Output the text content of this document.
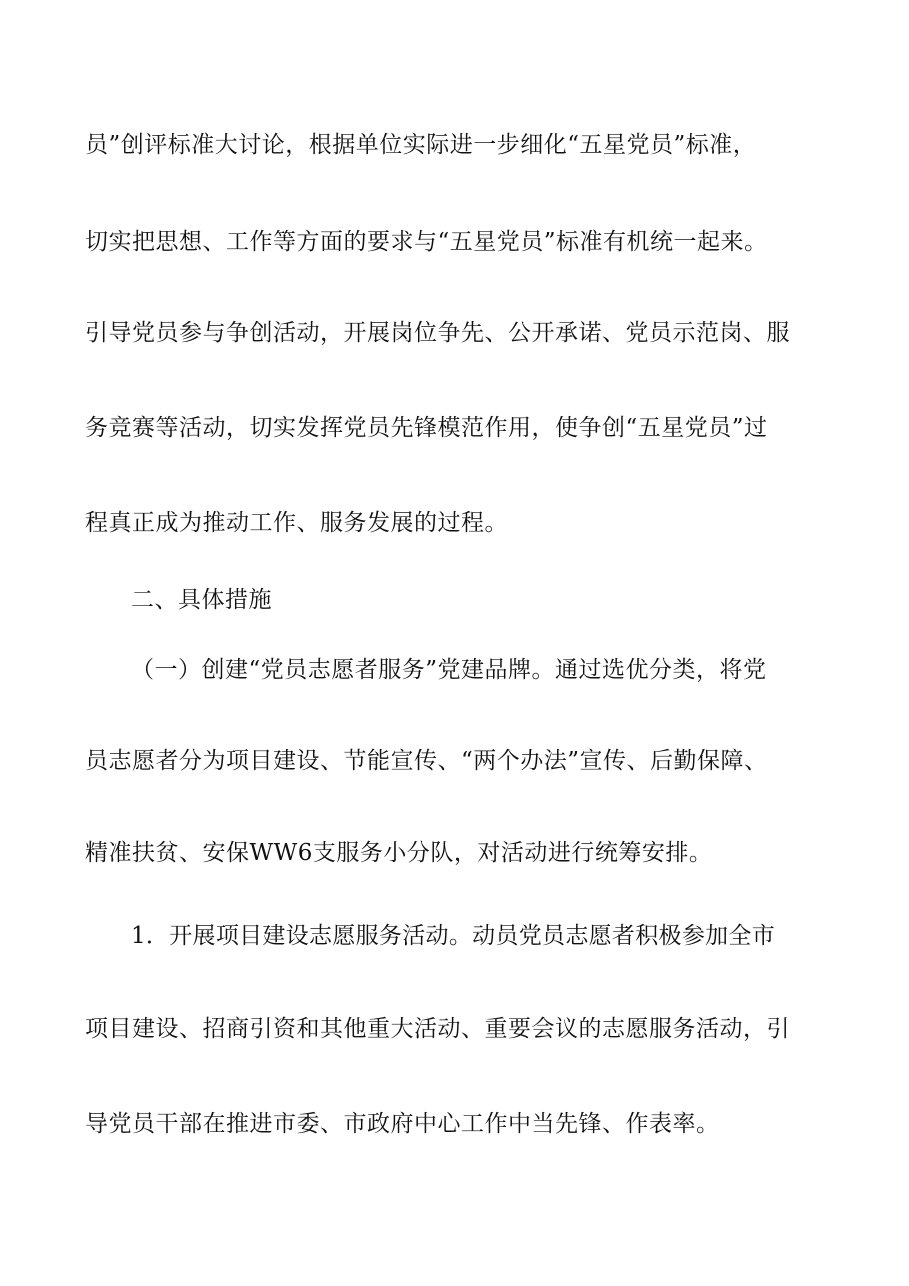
员”创评标准大讨论，根据单位实际进一步细化“五星党员”标准，
切实把思想、工作等方面的要求与“五星党员”标准有机统一起来。
引导党员参与争创活动，开展岗位争先、公开承诺、党员示范岗、服
务竞赛等活动，切实发挥党员先锋模范作用，使争创“五星党员”过
程真正成为推动工作、服务发展的过程。
二、具体措施
（一）创建“党员志愿者服务”党建品牌。通过选优分类，将党
员志愿者分为项目建设、节能宣传、“两个办法”宣传、后勤保障、
精准扶贫、安保WW6支服务小分队，对活动进行统筹安排。
1．开展项目建设志愿服务活动。动员党员志愿者积极参加全市
项目建设、招商引资和其他重大活动、重要会议的志愿服务活动，引
导党员干部在推进市委、市政府中心工作中当先锋、作表率。
